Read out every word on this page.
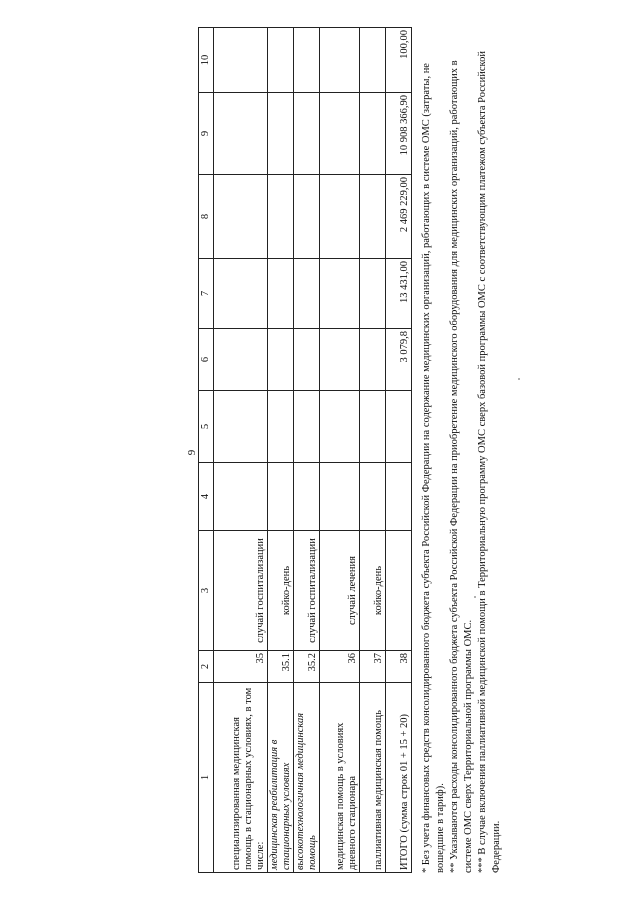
9
1	2	3	4	5	6	7	8	9	10
специализированная медицинская помощь в стационарных условиях, в том числе:	35	случай госпитализации							
медицинская реабилитация в стационарных условиях	35.1	койко-день							
высокотехнологичная медицинская помощь	35.2	случай госпитализации							
медицинская помощь в условиях дневного стационара	36	случай лечения							
паллиативная медицинская помощь	37	койко-день							
ИТОГО (сумма строк 01 + 15 + 20)	38				3 079,8	13 431,00	2 469 229,00	10 908 366,90	100,00

* Без учета финансовых средств консолидированного бюджета субъекта Российской Федерации на содержание медицинских организаций, работающих в системе ОМС (затраты, не вошедшие в тариф). ** Указываются расходы консолидированного бюджета субъекта Российской Федерации на приобретение медицинского оборудования для медицинских организаций, работающих в системе ОМС сверх Территориальной программы ОМС. *** В случае включения паллиативной медицинской помощи в Территориальную программу ОМС сверх базовой программы ОМС с соответствующим платежом субъекта Российской Федерации.
